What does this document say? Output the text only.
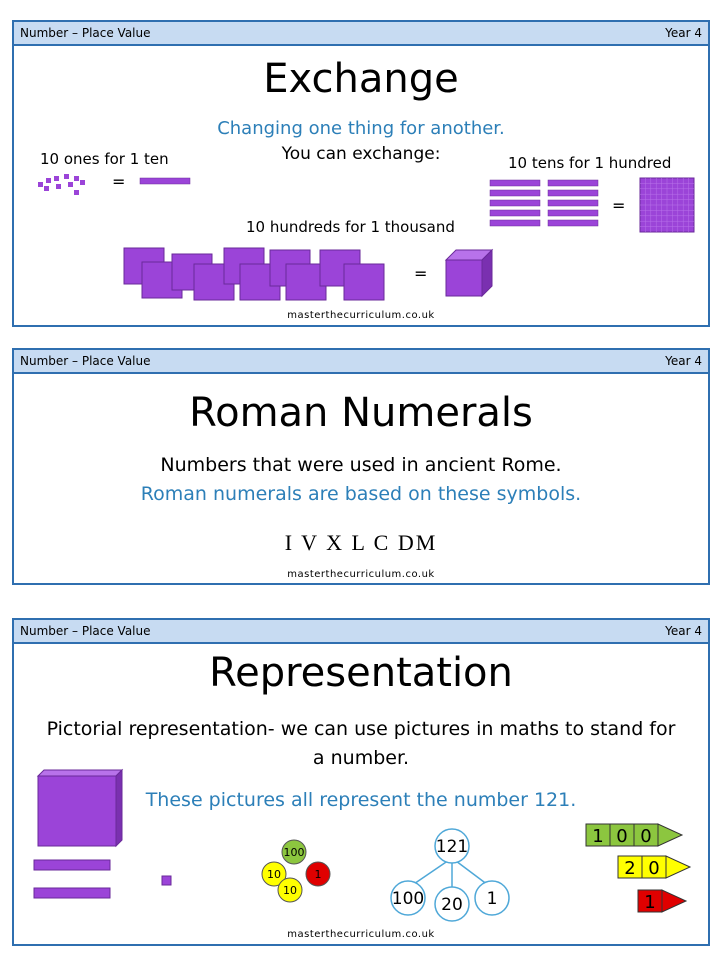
Number – Place Value	Year 4
Exchange
Changing one thing for another.
You can exchange:
10 ones for 1 ten	10 tens for 1 hundred
10 hundreds for 1 thousand
=
=
=
masterthecurriculum.co.uk
Number – Place Value	Year 4
Roman Numerals
Numbers that were used in ancient Rome.
Roman numerals are based on these symbols.
I V X L C DM
masterthecurriculum.co.uk
Number – Place Value	Year 4
Representation
Pictorial representation- we can use pictures in maths to stand for
a number.
These pictures all represent the number 121.
100
10
10
1
121
100 20 1
1 0 0
2 0
1
masterthecurriculum.co.uk
